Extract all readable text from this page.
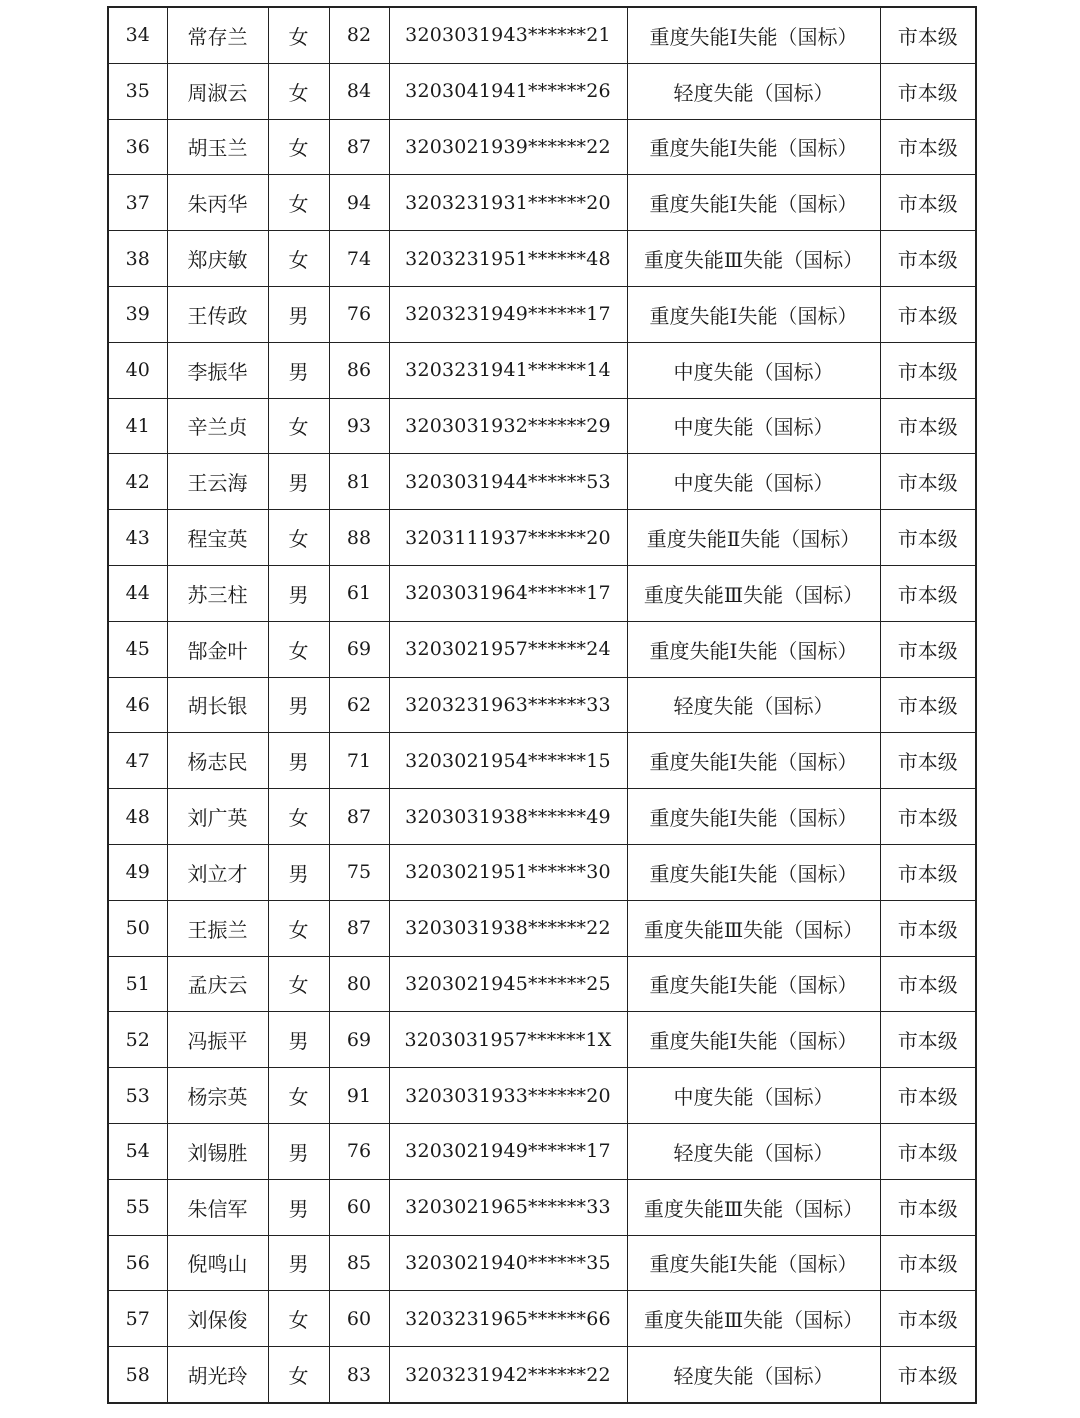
34	常存兰	女	82	3203031943******21	重度失能Ⅰ失能（国标）	市本级
35	周淑云	女	84	3203041941******26	轻度失能（国标）	市本级
36	胡玉兰	女	87	3203021939******22	重度失能Ⅰ失能（国标）	市本级
37	朱丙华	女	94	3203231931******20	重度失能Ⅰ失能（国标）	市本级
38	郑庆敏	女	74	3203231951******48	重度失能Ⅲ失能（国标）	市本级
39	王传政	男	76	3203231949******17	重度失能Ⅰ失能（国标）	市本级
40	李振华	男	86	3203231941******14	中度失能（国标）	市本级
41	辛兰贞	女	93	3203031932******29	中度失能（国标）	市本级
42	王云海	男	81	3203031944******53	中度失能（国标）	市本级
43	程宝英	女	88	3203111937******20	重度失能Ⅱ失能（国标）	市本级
44	苏三柱	男	61	3203031964******17	重度失能Ⅲ失能（国标）	市本级
45	郜金叶	女	69	3203021957******24	重度失能Ⅰ失能（国标）	市本级
46	胡长银	男	62	3203231963******33	轻度失能（国标）	市本级
47	杨志民	男	71	3203021954******15	重度失能Ⅰ失能（国标）	市本级
48	刘广英	女	87	3203031938******49	重度失能Ⅰ失能（国标）	市本级
49	刘立才	男	75	3203021951******30	重度失能Ⅰ失能（国标）	市本级
50	王振兰	女	87	3203031938******22	重度失能Ⅲ失能（国标）	市本级
51	孟庆云	女	80	3203021945******25	重度失能Ⅰ失能（国标）	市本级
52	冯振平	男	69	3203031957******1X	重度失能Ⅰ失能（国标）	市本级
53	杨宗英	女	91	3203031933******20	中度失能（国标）	市本级
54	刘锡胜	男	76	3203021949******17	轻度失能（国标）	市本级
55	朱信军	男	60	3203021965******33	重度失能Ⅲ失能（国标）	市本级
56	倪鸣山	男	85	3203021940******35	重度失能Ⅰ失能（国标）	市本级
57	刘保俊	女	60	3203231965******66	重度失能Ⅲ失能（国标）	市本级
58	胡光玲	女	83	3203231942******22	轻度失能（国标）	市本级
